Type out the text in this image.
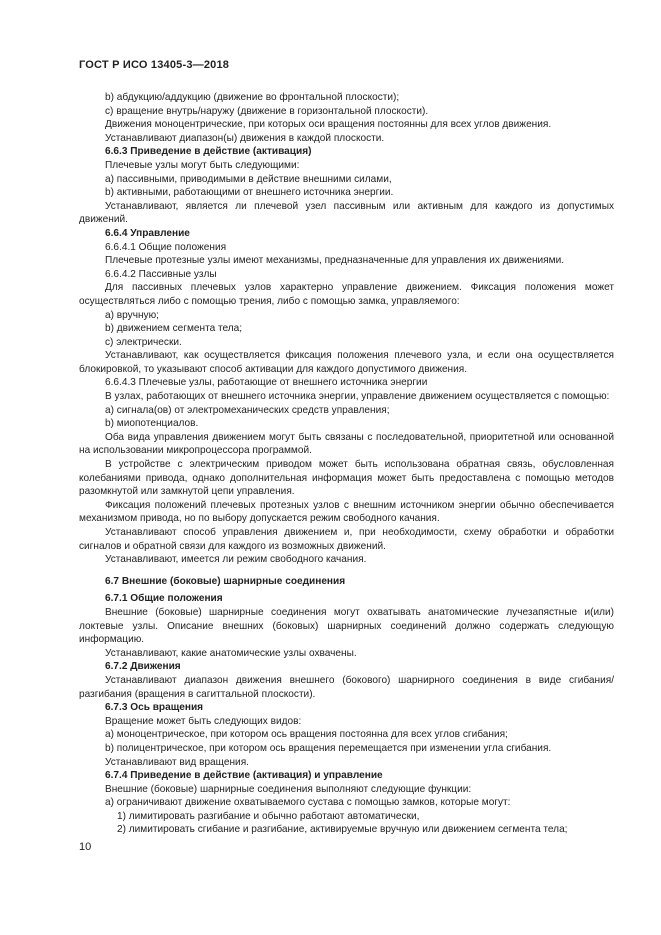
ГОСТ Р ИСО 13405-3—2018
b) абдукцию/аддукцию (движение во фронтальной плоскости);
c) вращение внутрь/наружу (движение в горизонтальной плоскости).
Движения моноцентрические, при которых оси вращения постоянны для всех углов движения.
Устанавливают диапазон(ы) движения в каждой плоскости.
6.6.3 Приведение в действие (активация)
Плечевые узлы могут быть следующими:
a) пассивными, приводимыми в действие внешними силами,
b) активными, работающими от внешнего источника энергии.
Устанавливают, является ли плечевой узел пассивным или активным для каждого из допустимых движений.
6.6.4 Управление
6.6.4.1 Общие положения
Плечевые протезные узлы имеют механизмы, предназначенные для управления их движениями.
6.6.4.2 Пассивные узлы
Для пассивных плечевых узлов характерно управление движением. Фиксация положения может осуществляться либо с помощью трения, либо с помощью замка, управляемого:
a) вручную;
b) движением сегмента тела;
c) электрически.
Устанавливают, как осуществляется фиксация положения плечевого узла, и если она осуществляется блокировкой, то указывают способ активации для каждого допустимого движения.
6.6.4.3 Плечевые узлы, работающие от внешнего источника энергии
В узлах, работающих от внешнего источника энергии, управление движением осуществляется с помощью:
a) сигнала(ов) от электромеханических средств управления;
b) миопотенциалов.
Оба вида управления движением могут быть связаны с последовательной, приоритетной или основанной на использовании микропроцессора программой.
В устройстве с электрическим приводом может быть использована обратная связь, обусловленная колебаниями привода, однако дополнительная информация может быть предоставлена с помощью методов разомкнутой или замкнутой цепи управления.
Фиксация положений плечевых протезных узлов с внешним источником энергии обычно обеспечивается механизмом привода, но по выбору допускается режим свободного качания.
Устанавливают способ управления движением и, при необходимости, схему обработки и обработки сигналов и обратной связи для каждого из возможных движений.
Устанавливают, имеется ли режим свободного качания.
6.7 Внешние (боковые) шарнирные соединения
6.7.1 Общие положения
Внешние (боковые) шарнирные соединения могут охватывать анатомические лучезапястные и(или) локтевые узлы. Описание внешних (боковых) шарнирных соединений должно содержать следующую информацию.
Устанавливают, какие анатомические узлы охвачены.
6.7.2 Движения
Устанавливают диапазон движения внешнего (бокового) шарнирного соединения в виде сгибания/разгибания (вращения в сагиттальной плоскости).
6.7.3 Ось вращения
Вращение может быть следующих видов:
a) моноцентрическое, при котором ось вращения постоянна для всех углов сгибания;
b) полицентрическое, при котором ось вращения перемещается при изменении угла сгибания.
Устанавливают вид вращения.
6.7.4 Приведение в действие (активация) и управление
Внешние (боковые) шарнирные соединения выполняют следующие функции:
a) ограничивают движение охватываемого сустава с помощью замков, которые могут:
1) лимитировать разгибание и обычно работают автоматически,
2) лимитировать сгибание и разгибание, активируемые вручную или движением сегмента тела;
10
